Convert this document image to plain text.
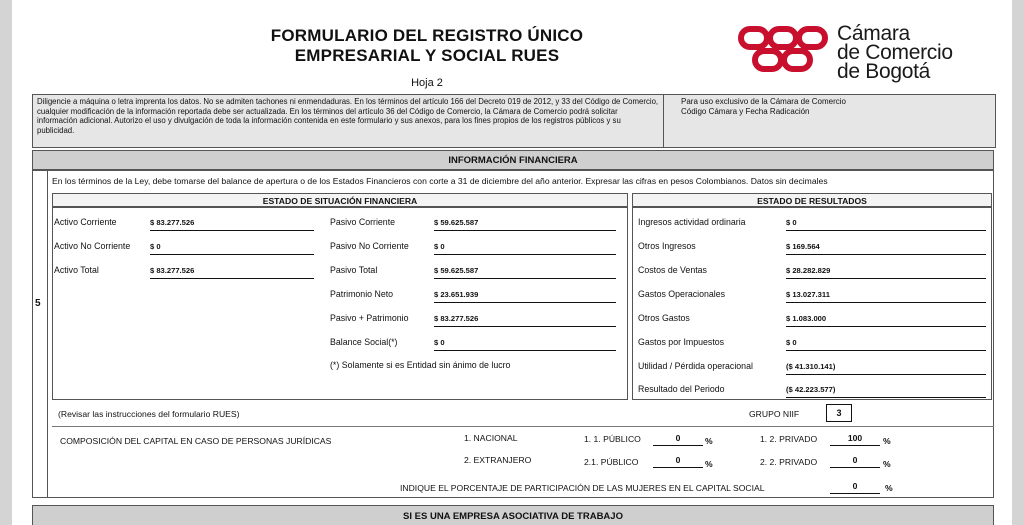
FORMULARIO DEL REGISTRO ÚNICO
EMPRESARIAL Y SOCIAL RUES
Hoja 2
Cámara
de Comercio
de Bogotá
Diligencie a máquina o letra imprenta los datos. No se admiten tachones ni enmendaduras. En los términos del artículo 166 del Decreto 019 de 2012, y 33 del Código de Comercio, cualquier modificación de la información reportada debe ser actualizada. En los términos del artículo 36 del Código de Comercio, la Cámara de Comercio podrá solicitar información adicional. Autorizo el uso y divulgación de toda la información contenida en este formulario y sus anexos, para los fines propios de los registros públicos y su publicidad.
Para uso exclusivo de la Cámara de Comercio
Código Cámara y Fecha Radicación
INFORMACIÓN FINANCIERA
5
En los términos de la Ley, debe tomarse del balance de apertura o de los Estados Financieros con corte a 31 de diciembre del año anterior. Expresar las cifras en pesos Colombianos. Datos sin decimales
ESTADO DE SITUACIÓN FINANCIERA	ESTADO DE RESULTADOS
Activo Corriente	$ 83.277.526
Activo No Corriente	$ 0
Activo Total	$ 83.277.526
Pasivo Corriente	$ 59.625.587
Pasivo No Corriente	$ 0
Pasivo Total	$ 59.625.587
Patrimonio Neto	$ 23.651.939
Pasivo + Patrimonio	$ 83.277.526
Balance Social(*)	$ 0
(*) Solamente si es Entidad sin ánimo de lucro
Ingresos actividad ordinaria	$ 0
Otros Ingresos	$ 169.564
Costos de Ventas	$ 28.282.829
Gastos Operacionales	$ 13.027.311
Otros Gastos	$ 1.083.000
Gastos por Impuestos	$ 0
Utilidad / Pérdida operacional	($ 41.310.141)
Resultado del Periodo	($ 42.223.577)
(Revisar las instrucciones del formulario RUES)	GRUPO NIIF	3
COMPOSICIÓN DEL CAPITAL EN CASO DE PERSONAS JURÍDICAS	1. NACIONAL
2. EXTRANJERO
1. 1. PÚBLICO	0	%	1. 2. PRIVADO	100	%
2.1. PÚBLICO	0	%	2. 2. PRIVADO	0	%
INDIQUE EL PORCENTAJE DE PARTICIPACIÓN DE LAS MUJERES EN EL CAPITAL SOCIAL	0	%
SI ES UNA EMPRESA ASOCIATIVA DE TRABAJO
